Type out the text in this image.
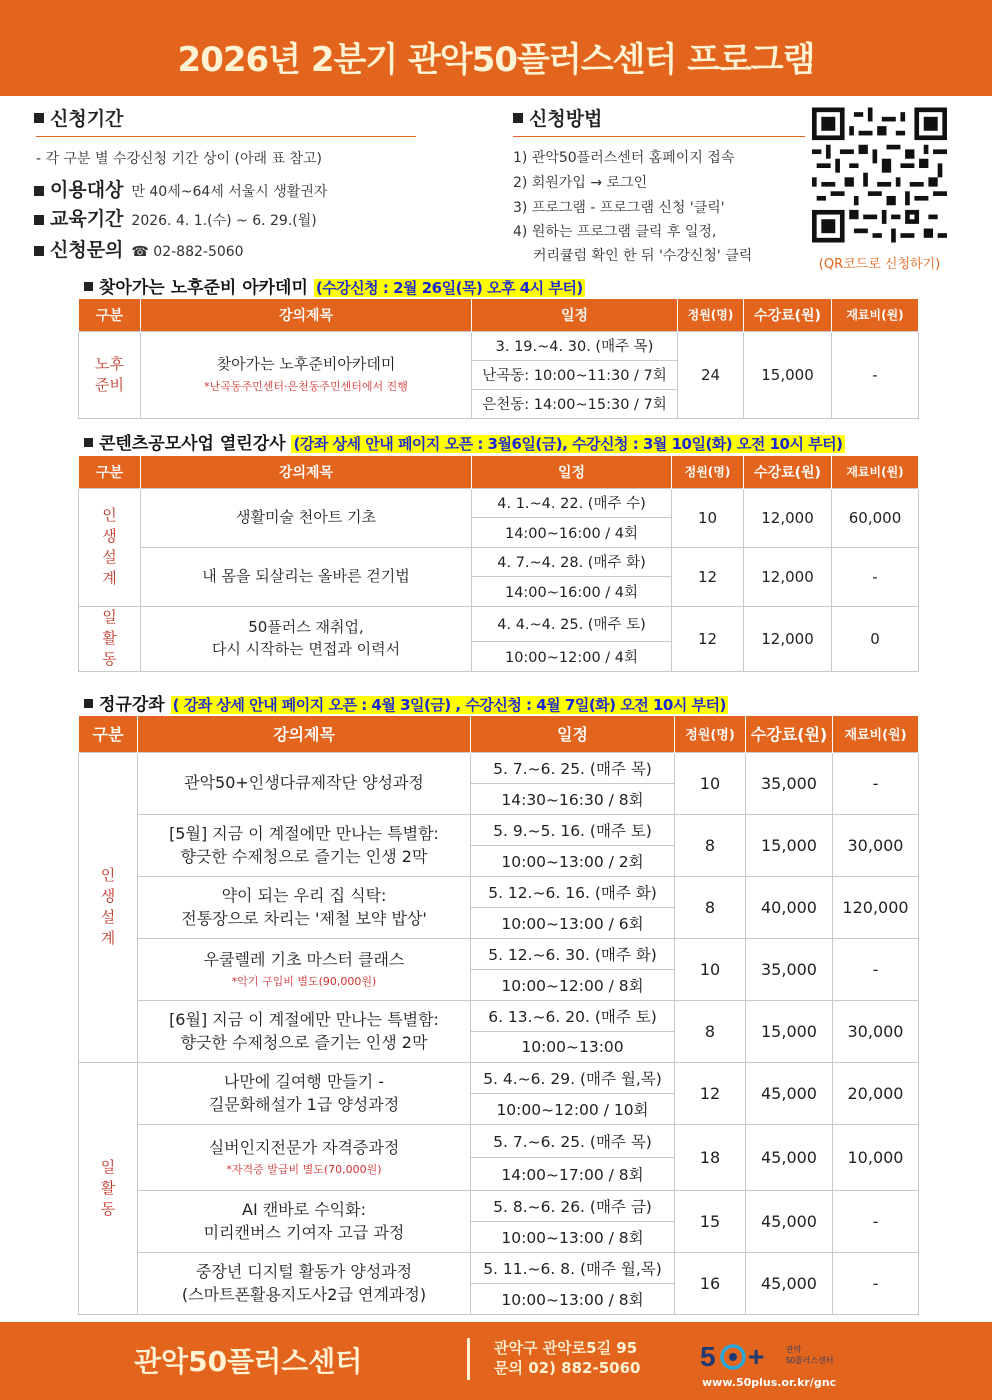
2026년 2분기 관악50플러스센터 프로그램
신청기간
- 각 구분 별 수강신청 기간 상이 (아래 표 참고)
이용대상 만 40세~64세 서울시 생활권자
교육기간 2026. 4. 1.(수) ~ 6. 29.(월)
신청문의 ☎ 02-882-5060
신청방법
1) 관악50플러스센터 홈페이지 접속
2) 회원가입 → 로그인
3) 프로그램 - 프로그램 신청 '클릭'
4) 원하는 프로그램 클릭 후 일정,
커리큘럼 확인 한 뒤 '수강신청' 클릭
(QR코드로 신청하기)
찾아가는 노후준비 아카데미 (수강신청 : 2월 26일(목) 오후 4시 부터)
구분	강의제목	일정	정원(명)	수강료(원)	재료비(원)
노후
준비	찾아가는 노후준비아카데미
*난곡동주민센터·은천동주민센터에서 진행	3. 19.~4. 30. (매주 목)	24	15,000	-
		난곡동: 10:00~11:30 / 7회			
		은천동: 14:00~15:30 / 7회			
콘텐츠공모사업 열린강사 (강좌 상세 안내 페이지 오픈 : 3월6일(금), 수강신청 : 3월 10일(화) 오전 10시 부터)
구분	강의제목	일정	정원(명)	수강료(원)	재료비(원)
인
생
설
계	생활미술 천아트 기초	4. 1.~4. 22. (매주 수)	10	12,000	60,000
		14:00~16:00 / 4회			
	내 몸을 되살리는 올바른 걷기법	4. 7.~4. 28. (매주 화)	12	12,000	-
		14:00~16:00 / 4회			
일
활
동	50플러스 재취업,
다시 시작하는 면접과 이력서	4. 4.~4. 25. (매주 토)	12	12,000	0
		10:00~12:00 / 4회			
정규강좌 ( 강좌 상세 안내 페이지 오픈 : 4월 3일(금) , 수강신청 : 4월 7일(화) 오전 10시 부터)
구분	강의제목	일정	정원(명)	수강료(원)	재료비(원)
인
생
설
계	관악50+인생다큐제작단 양성과정	5. 7.~6. 25. (매주 목)	10	35,000	-
		14:30~16:30 / 8회			
	[5월] 지금 이 계절에만 만나는 특별함:
향긋한 수제청으로 즐기는 인생 2막	5. 9.~5. 16. (매주 토)	8	15,000	30,000
		10:00~13:00 / 2회			
	약이 되는 우리 집 식탁:
전통장으로 차리는 '제철 보약 밥상'	5. 12.~6. 16. (매주 화)	8	40,000	120,000
		10:00~13:00 / 6회			
	우쿨렐레 기초 마스터 클래스
*악기 구입비 별도(90,000원)	5. 12.~6. 30. (매주 화)	10	35,000	-
		10:00~12:00 / 8회			
	[6월] 지금 이 계절에만 만나는 특별함:
향긋한 수제청으로 즐기는 인생 2막	6. 13.~6. 20. (매주 토)	8	15,000	30,000
		10:00~13:00			
일
활
동	나만에 길여행 만들기 -
길문화해설가 1급 양성과정	5. 4.~6. 29. (매주 월,목)	12	45,000	20,000
		10:00~12:00 / 10회			
	실버인지전문가 자격증과정
*자격증 발급비 별도(70,000원)	5. 7.~6. 25. (매주 목)	18	45,000	10,000
		14:00~17:00 / 8회			
	AI 캔바로 수익화:
미리캔버스 기여자 고급 과정	5. 8.~6. 26. (매주 금)	15	45,000	-
		10:00~13:00 / 8회			
	중장년 디지털 활동가 양성과정
(스마트폰활용지도사2급 연계과정)	5. 11.~6. 8. (매주 월,목)	16	45,000	-
		10:00~13:00 / 8회			
관악50플러스센터	관악구 관악로5길 95
문의 02) 882-5060 5 +	관악
50플러스센터
www.50plus.or.kr/gnc
